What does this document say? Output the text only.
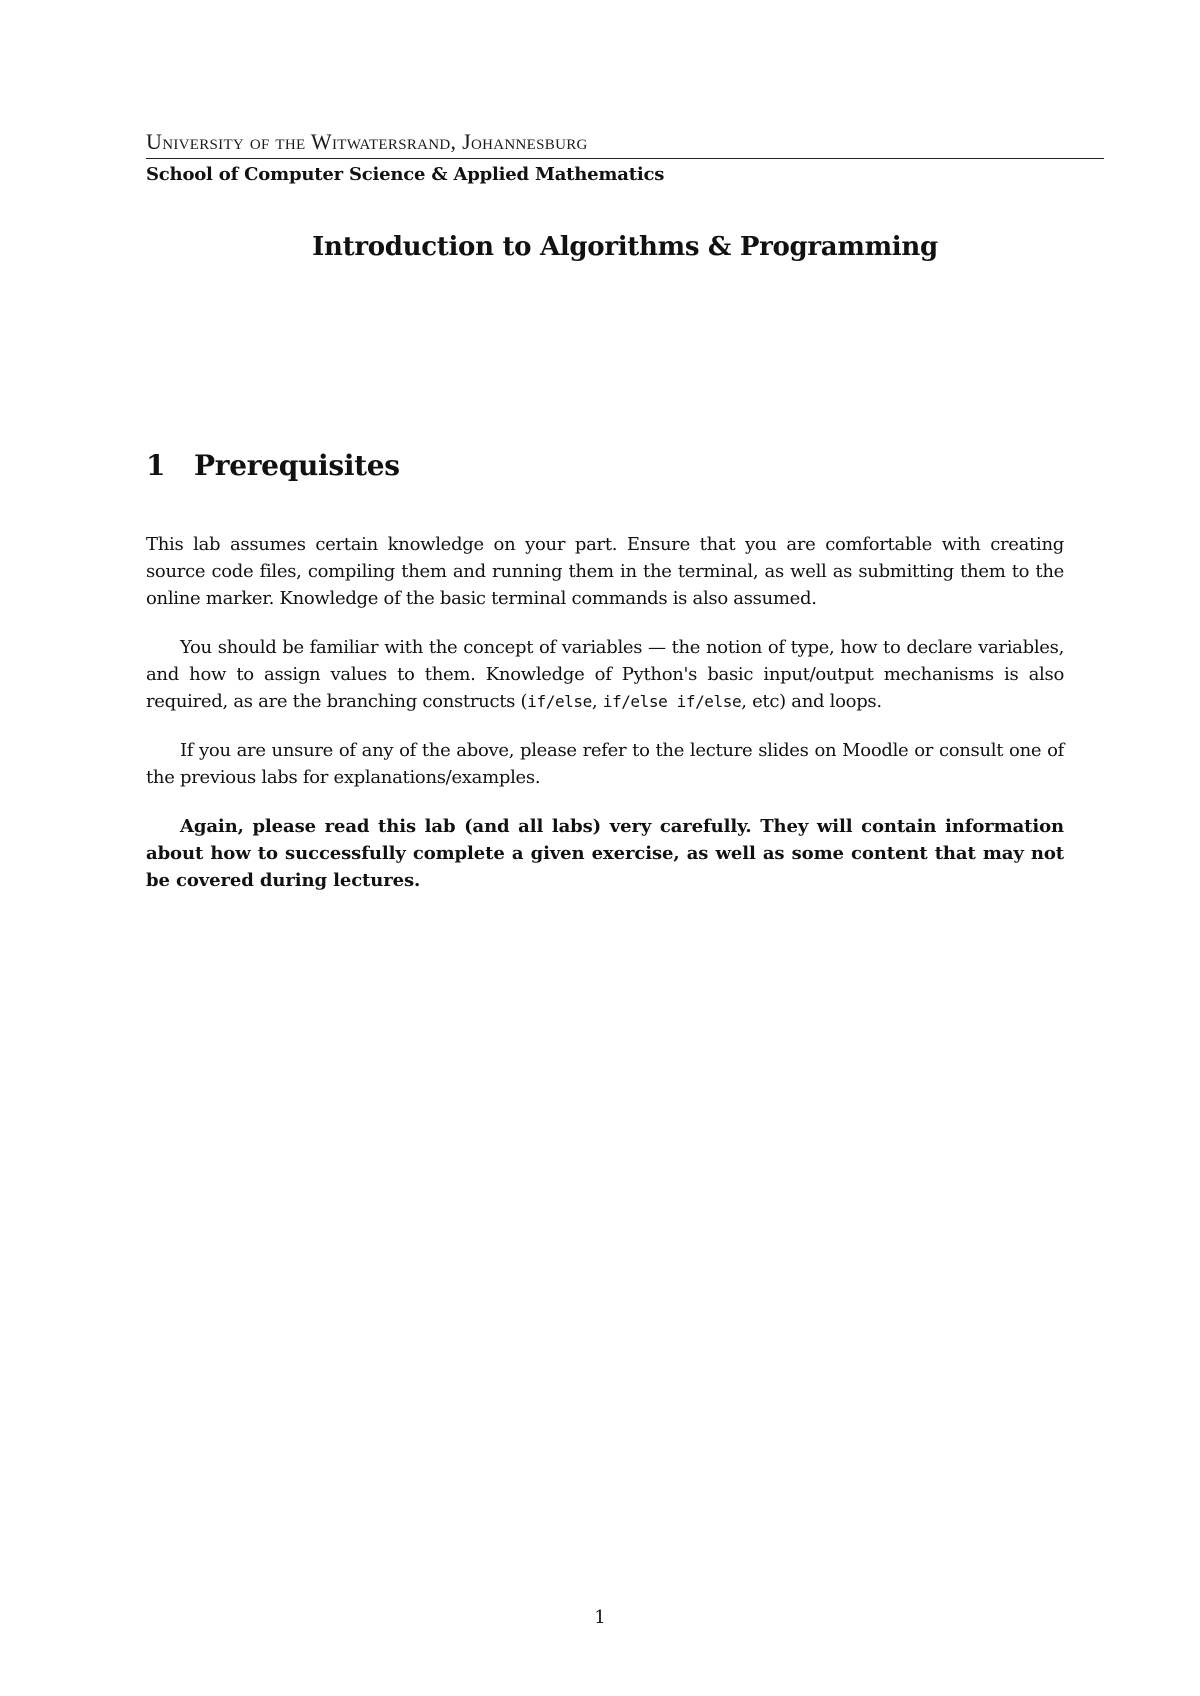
University of the Witwatersrand, Johannesburg
School of Computer Science & Applied Mathematics
Introduction to Algorithms & Programming
1 Prerequisites

This lab assumes certain knowledge on your part. Ensure that you are comfortable with creating source code files, compiling them and running them in the terminal, as well as submitting them to the online marker. Knowledge of the basic terminal commands is also assumed.

You should be familiar with the concept of variables — the notion of type, how to declare variables, and how to assign values to them. Knowledge of Python's basic input/output mechanisms is also required, as are the branching constructs (if/else, if/else if/else, etc) and loops.

If you are unsure of any of the above, please refer to the lecture slides on Moodle or consult one of the previous labs for explanations/examples.

Again, please read this lab (and all labs) very carefully. They will contain information about how to successfully complete a given exercise, as well as some content that may not be covered during lectures.

1
